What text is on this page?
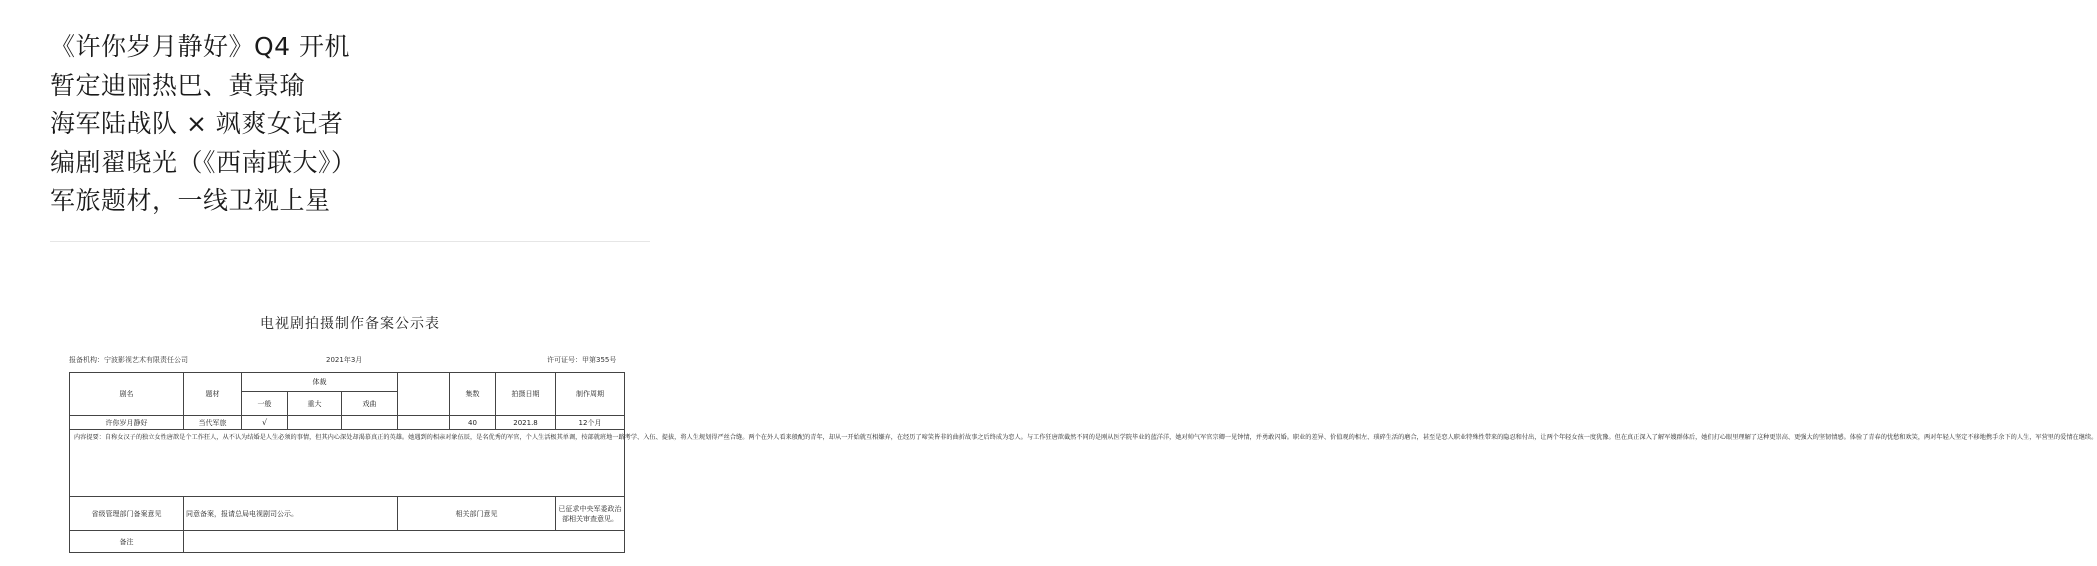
《许你岁月静好》Q4 开机
暂定迪丽热巴、黄景瑜
海军陆战队 × 飒爽女记者
编剧翟晓光（《西南联大》）
军旅题材，一线卫视上星
电视剧拍摄制作备案公示表
报备机构：宁波影视艺术有限责任公司	2021年3月	许可证号：甲第355号
剧名	题材	体裁				集数	拍摄日期	制作周期
		一般	重大	戏曲				
许你岁月静好	当代军旅	√				40	2021.8	12个月
内容提要：自称女汉子的独立女性唐歆是个工作狂人，从不认为结婚是人生必须的事情，但其内心深处却渴慕真正的英雄。她遇到的相亲对象伍辰，是名优秀的军官，个人生活极其单调，按部就班地一路考学、入伍、提拔，将人生规划得严丝合缝。两个在外人看来般配的青年，却从一开始就互相嫌弃，在经历了啼笑皆非的曲折故事之后终成为恋人。与工作狂唐歆截然不同的是刚从医学院毕业的蓝洋洋，她对帅气军官宗卿一见钟情，并勇敢闪婚。职业的差异、价值观的相左、琐碎生活的磨合，甚至是恋人职业特殊性带来的隐忍和付出，让两个年轻女孩一度犹豫。但在真正深入了解军嫂群体后，她们打心眼里理解了这种更崇高、更强大的坚韧情感。体验了青春的忧愁和欢笑，两对年轻人坚定不移地携手余下的人生，军营里的爱情在继续。								
省级管理部门备案意见	同意备案，报请总局电视剧司公示。				相关部门意见			已征求中央军委政治部相关审查意见。
备注								
